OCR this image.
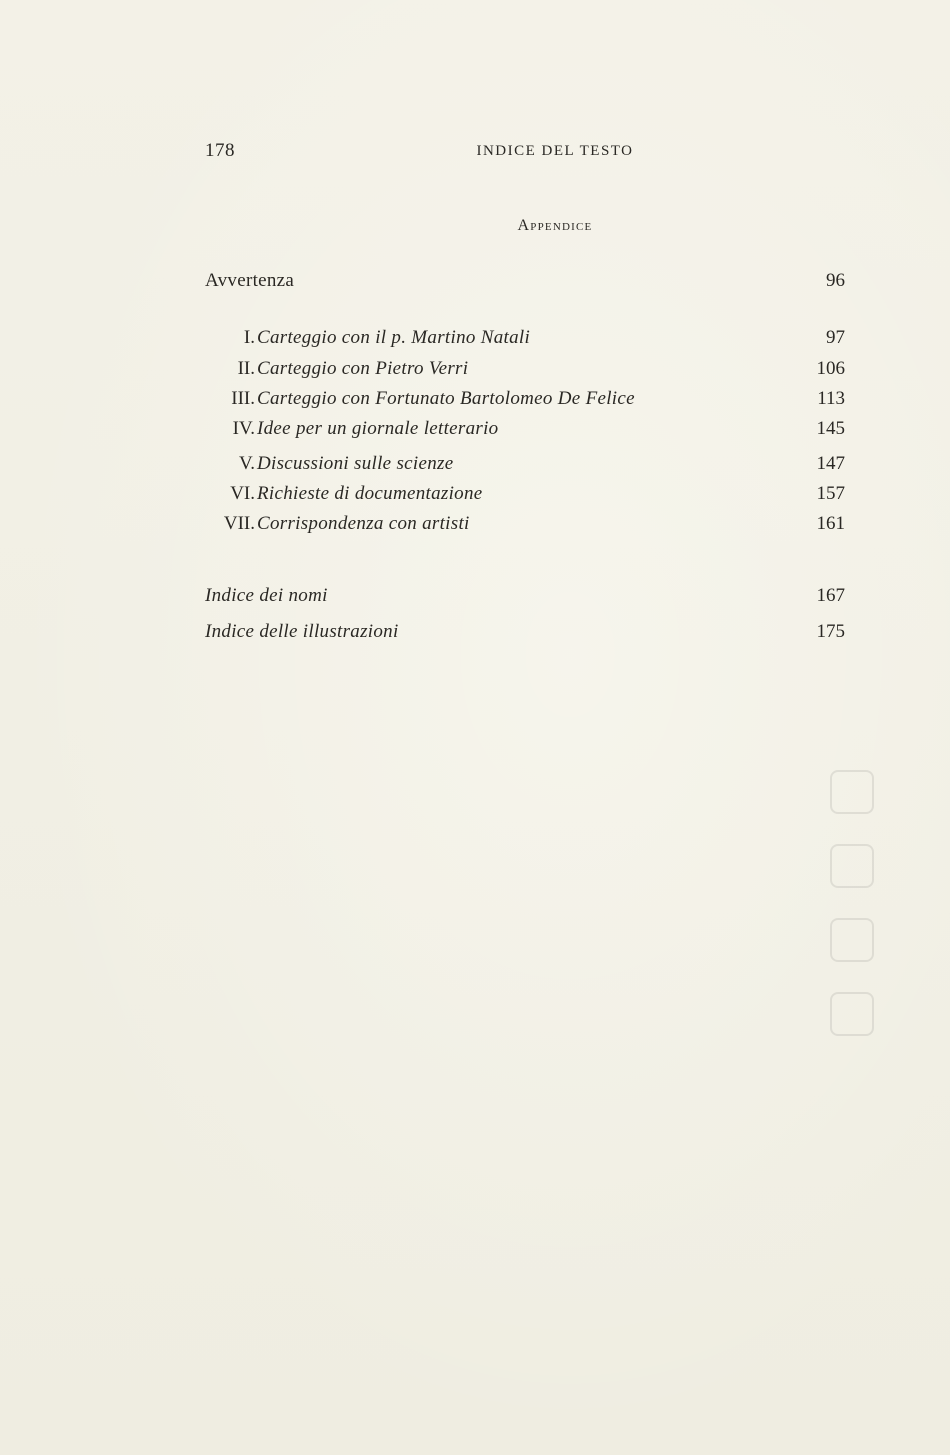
178	INDICE DEL TESTO
Appendice
Avvertenza	96
I. Carteggio con il p. Martino Natali	97
II. Carteggio con Pietro Verri	106
III. Carteggio con Fortunato Bartolomeo De Felice	113
IV. Idee per un giornale letterario	145
V. Discussioni sulle scienze	147
VI. Richieste di documentazione	157
VII. Corrispondenza con artisti	161
Indice dei nomi	167
Indice delle illustrazioni	175
